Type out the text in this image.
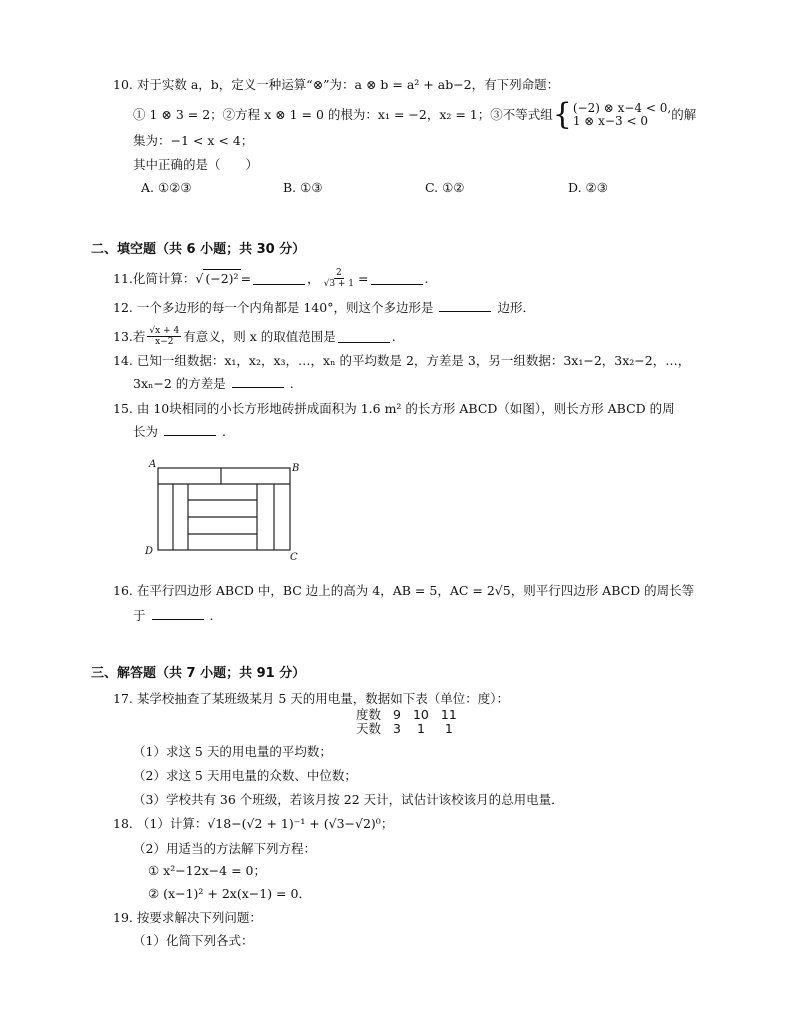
10. 对于实数 a，b，定义一种运算“⊗”为：a ⊗ b = a² + ab−2，有下列命题：
① 1 ⊗ 3 = 2；②方程 x ⊗ 1 = 0 的根为：x₁ = −2，x₂ = 1；③不等式组 { (−2) ⊗ x−4 < 0,
1 ⊗ x−3 < 0	的解
集为：−1 < x < 4；
其中正确的是（　　）
A. ①②③	B. ①③	C. ①②	D. ②③
二、填空题（共 6 小题；共 30 分）
11. 化简计算： √ (−2)² =	， $\frac{2}{√3 + 1}$ =	.
12. 一个多边形的每一个内角都是 140°，则这个多边形是	边形．
13. 若 $\frac{√x + 4}{x-2}$ 有意义，则 x 的取值范围是	.
14. 已知一组数据：x₁，x₂，x₃，…，xₙ 的平均数是 2，方差是 3，另一组数据：3x₁−2，3x₂−2，…，
3xₙ−2 的方差是	.
15. 由 10块相同的小长方形地砖拼成面积为 1.6 m² 的长方形 ABCD（如图），则长方形 ABCD 的周
长为	.
A	B
C
D
16. 在平行四边形 ABCD 中，BC 边上的高为 4，AB = 5，AC = 2√5，则平行四边形 ABCD 的周长等
于	.
三、解答题（共 7 小题；共 91 分）
17. 某学校抽查了某班级某月 5 天的用电量，数据如下表（单位：度）：
度数	9	10	11
天数	3	1	1
（1）求这 5 天的用电量的平均数；
（2）求这 5 天用电量的众数、中位数；
（3）学校共有 36 个班级，若该月按 22 天计，试估计该校该月的总用电量．
18. （1）计算：√18−(√2 + 1)⁻¹ + (√3−√2)⁰；
（2）用适当的方法解下列方程：
① x²−12x−4 = 0；
② (x−1)² + 2x(x−1) = 0．
19. 按要求解决下列问题：
（1）化简下列各式：
